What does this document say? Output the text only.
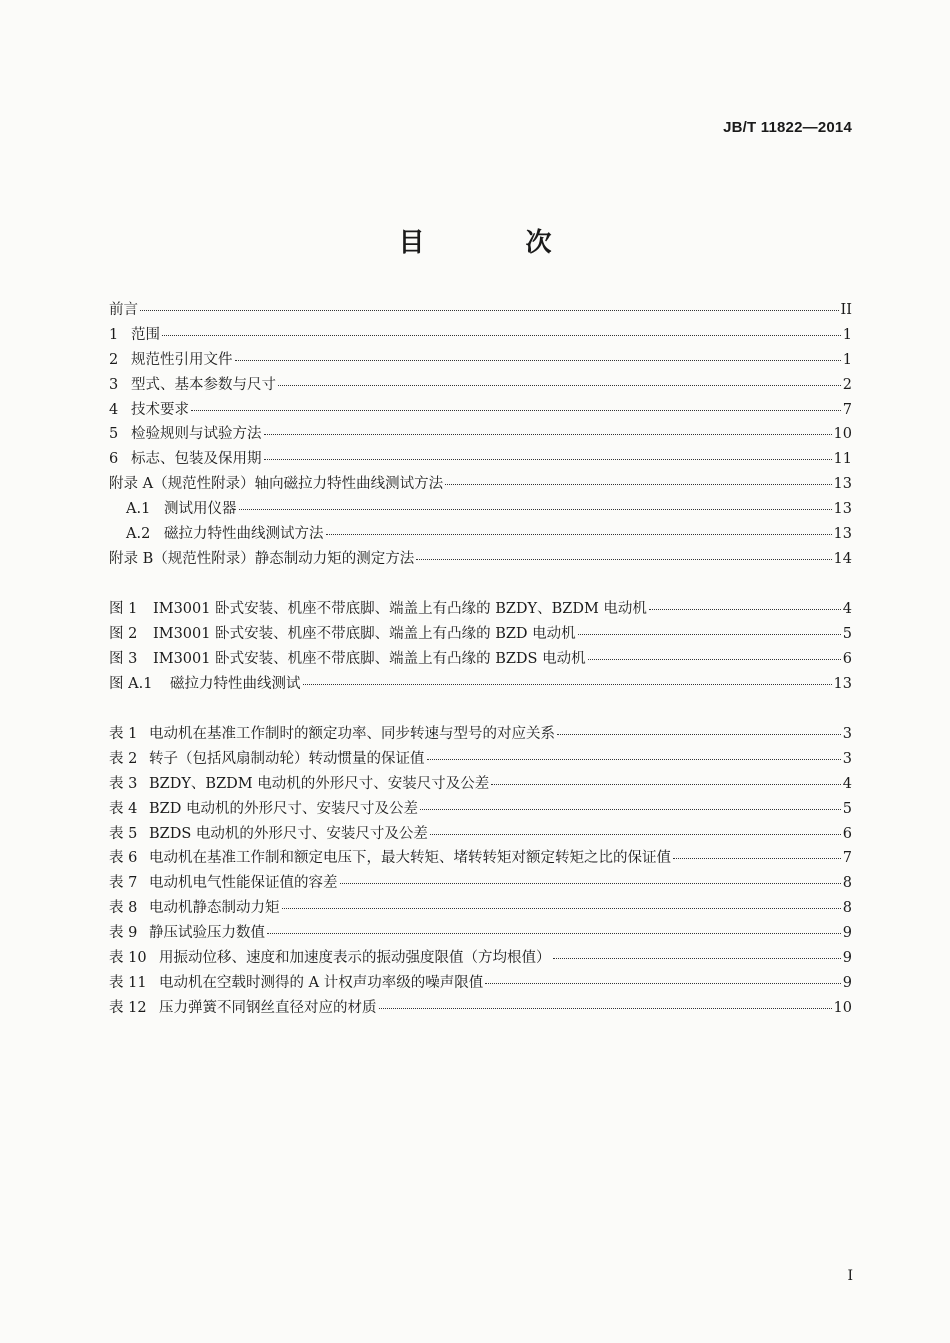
JB/T 11822—2014
目 次
前言	II
1 范围	1
2 规范性引用文件	1
3 型式、基本参数与尺寸	2
4 技术要求	7
5 检验规则与试验方法	10
6 标志、包装及保用期	11
附录 A（规范性附录）轴向磁拉力特性曲线测试方法	13
A.1 测试用仪器	13
A.2 磁拉力特性曲线测试方法	13
附录 B（规范性附录）静态制动力矩的测定方法	14
图 1	IM3001 卧式安装、机座不带底脚、端盖上有凸缘的 BZDY、BZDM 电动机	4
图 2	IM3001 卧式安装、机座不带底脚、端盖上有凸缘的 BZD 电动机	5
图 3	IM3001 卧式安装、机座不带底脚、端盖上有凸缘的 BZDS 电动机	6
图 A.1	磁拉力特性曲线测试	13
表 1 电动机在基准工作制时的额定功率、同步转速与型号的对应关系	3
表 2 转子（包括风扇制动轮）转动惯量的保证值	3
表 3 BZDY、BZDM 电动机的外形尺寸、安装尺寸及公差	4
表 4 BZD 电动机的外形尺寸、安装尺寸及公差	5
表 5 BZDS 电动机的外形尺寸、安装尺寸及公差	6
表 6 电动机在基准工作制和额定电压下，最大转矩、堵转转矩对额定转矩之比的保证值	7
表 7 电动机电气性能保证值的容差	8
表 8 电动机静态制动力矩	8
表 9 静压试验压力数值	9
表 10 用振动位移、速度和加速度表示的振动强度限值（方均根值）	9
表 11 电动机在空载时测得的 A 计权声功率级的噪声限值	9
表 12 压力弹簧不同钢丝直径对应的材质	10
I
